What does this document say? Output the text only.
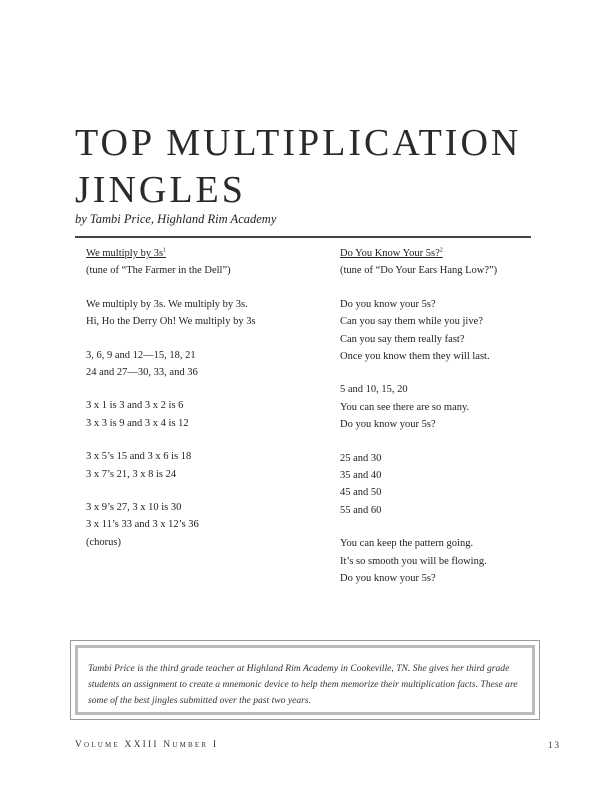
TOP MULTIPLICATION JINGLES
by Tambi Price, Highland Rim Academy
We multiply by $3s^1$
(tune of “The Farmer in the Dell”)
We multiply by 3s. We multiply by 3s.
Hi, Ho the Derry Oh! We multiply by 3s
3, 6, 9 and 12—15, 18, 21
24 and 27—30, 33, and 36
3 x 1 is 3 and 3 x 2 is 6
3 x 3 is 9 and 3 x 4 is 12
3 x 5’s 15 and 3 x 6 is 18
3 x 7’s 21, 3 x 8 is 24
3 x 9’s 27, 3 x 10 is 30
3 x 11’s 33 and 3 x 12’s 36
(chorus)
Do You Know Your 5s?$^2$
(tune of “Do Your Ears Hang Low?”)
Do you know your 5s?
Can you say them while you jive?
Can you say them really fast?
Once you know them they will last.
5 and 10, 15, 20
You can see there are so many.
Do you know your 5s?
25 and 30
35 and 40
45 and 50
55 and 60
You can keep the pattern going.
It’s so smooth you will be flowing.
Do you know your 5s?
Tambi Price is the third grade teacher at Highland Rim Academy in Cookeville, TN. She gives her third grade students an assignment to create a mnemonic device to help them memorize their multiplication facts. These are some of the best jingles submitted over the past two years.
Volume XXIII Number I	13
